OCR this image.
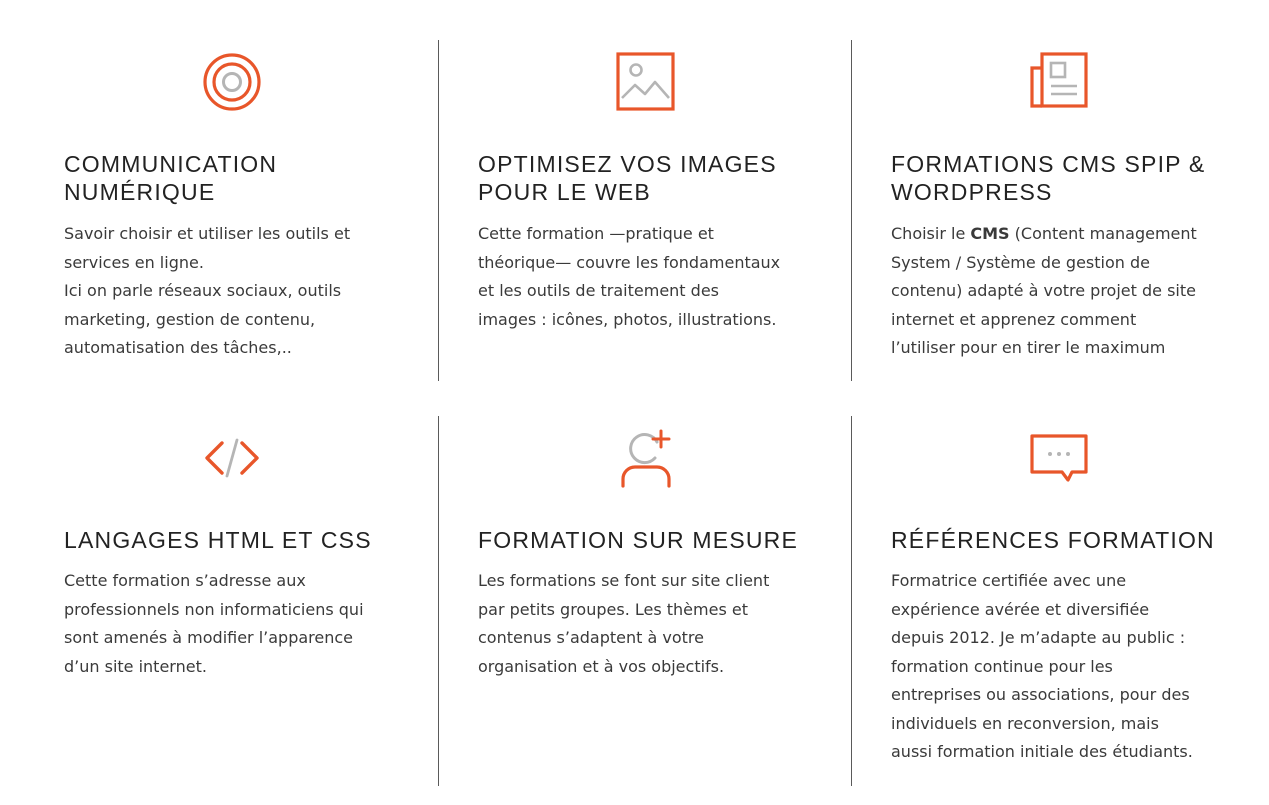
COMMUNICATION
NUMÉRIQUE

Savoir choisir et utiliser les outils et

services en ligne.

Ici on parle réseaux sociaux, outils

marketing, gestion de contenu,

automatisation des tâches,..

OPTIMISEZ VOS IMAGES
POUR LE WEB

Cette formation —pratique et

théorique— couvre les fondamentaux

et les outils de traitement des

images : icônes, photos, illustrations.

FORMATIONS CMS SPIP &
WORDPRESS

Choisir le CMS (Content management

System / Système de gestion de

contenu) adapté à votre projet de site

internet et apprenez comment

l’utiliser pour en tirer le maximum

LANGAGES HTML ET CSS

Cette formation s’adresse aux

professionnels non informaticiens qui

sont amenés à modifier l’apparence

d’un site internet.

FORMATION SUR MESURE

Les formations se font sur site client

par petits groupes. Les thèmes et

contenus s’adaptent à votre

organisation et à vos objectifs.

RÉFÉRENCES FORMATION

Formatrice certifiée avec une

expérience avérée et diversifiée

depuis 2012. Je m’adapte au public :

formation continue pour les

entreprises ou associations, pour des

individuels en reconversion, mais

aussi formation initiale des étudiants.
